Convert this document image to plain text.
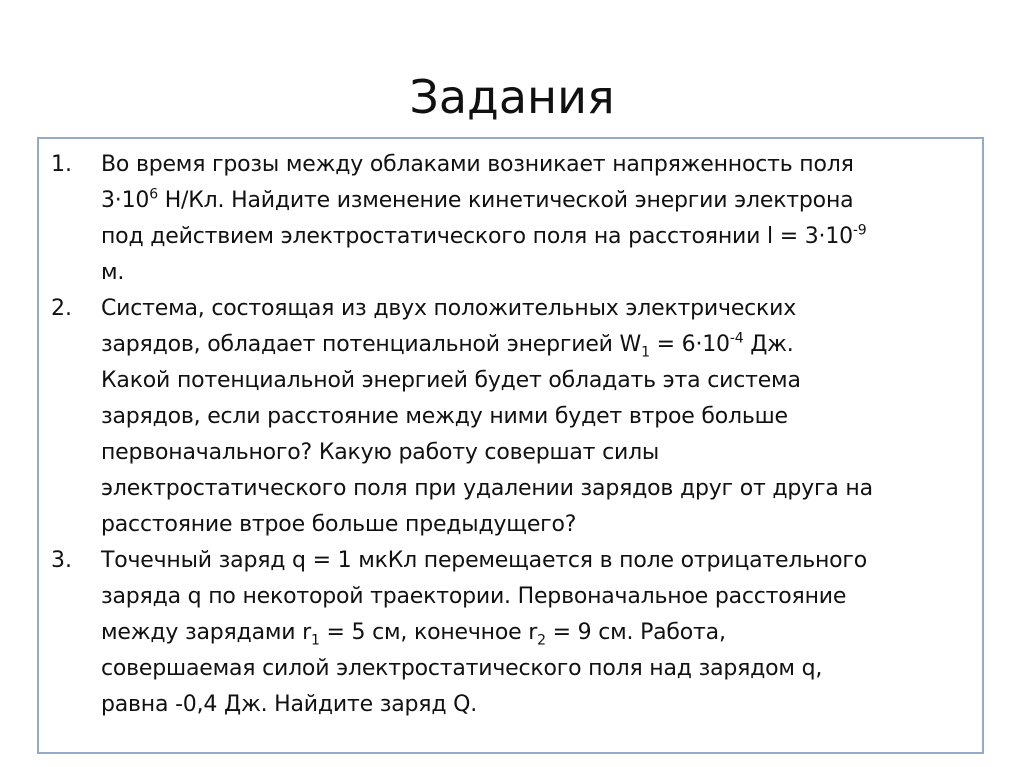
Задания
1. Во время грозы между облаками возникает напряженность поля
$3\cdot 10^6$ Н/Кл. Найдите изменение кинетической энергии электрона
под действием электростатического поля на расстоянии $l = 3\cdot 10^{-9}$
м.
2. Система, состоящая из двух положительных электрических
зарядов, обладает потенциальной энергией $W_1 = 6\cdot 10^{-4}$ Дж.
Какой потенциальной энергией будет обладать эта система
зарядов, если расстояние между ними будет втрое больше
первоначального? Какую работу совершат силы
электростатического поля при удалении зарядов друг от друга на
расстояние втрое больше предыдущего?
3. Точечный заряд q = 1 мкКл перемещается в поле отрицательного
заряда q по некоторой траектории. Первоначальное расстояние
между зарядами $r_1 = 5$ см, конечное $r_2 = 9$ см. Работа,
совершаемая силой электростатического поля над зарядом q,
равна -0,4 Дж. Найдите заряд Q.
